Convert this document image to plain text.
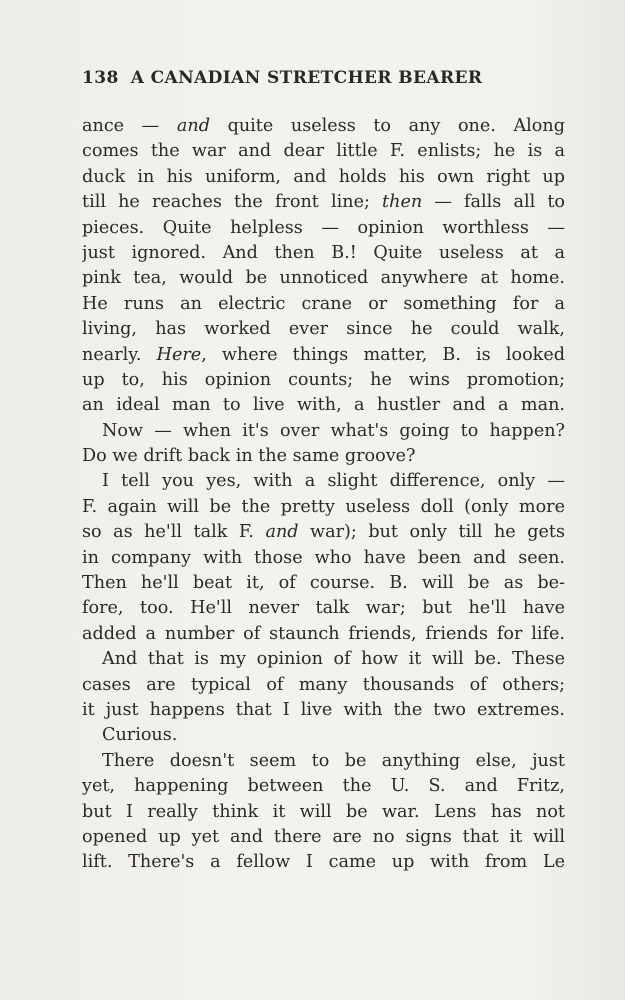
138 A CANADIAN STRETCHER BEARER
ance — and quite useless to any one. Along
comes the war and dear little F. enlists; he is a
duck in his uniform, and holds his own right up
till he reaches the front line; then — falls all to
pieces. Quite helpless — opinion worthless —
just ignored. And then B.! Quite useless at a
pink tea, would be unnoticed anywhere at home.
He runs an electric crane or something for a
living, has worked ever since he could walk,
nearly. Here, where things matter, B. is looked
up to, his opinion counts; he wins promotion;
an ideal man to live with, a hustler and a man.
Now — when it's over what's going to happen?
Do we drift back in the same groove?
I tell you yes, with a slight difference, only —
F. again will be the pretty useless doll (only more
so as he'll talk F. and war); but only till he gets
in company with those who have been and seen.
Then he'll beat it, of course. B. will be as be-
fore, too. He'll never talk war; but he'll have
added a number of staunch friends, friends for life.
And that is my opinion of how it will be. These
cases are typical of many thousands of others;
it just happens that I live with the two extremes.
Curious.
There doesn't seem to be anything else, just
yet, happening between the U. S. and Fritz,
but I really think it will be war. Lens has not
opened up yet and there are no signs that it will
lift. There's a fellow I came up with from Le
